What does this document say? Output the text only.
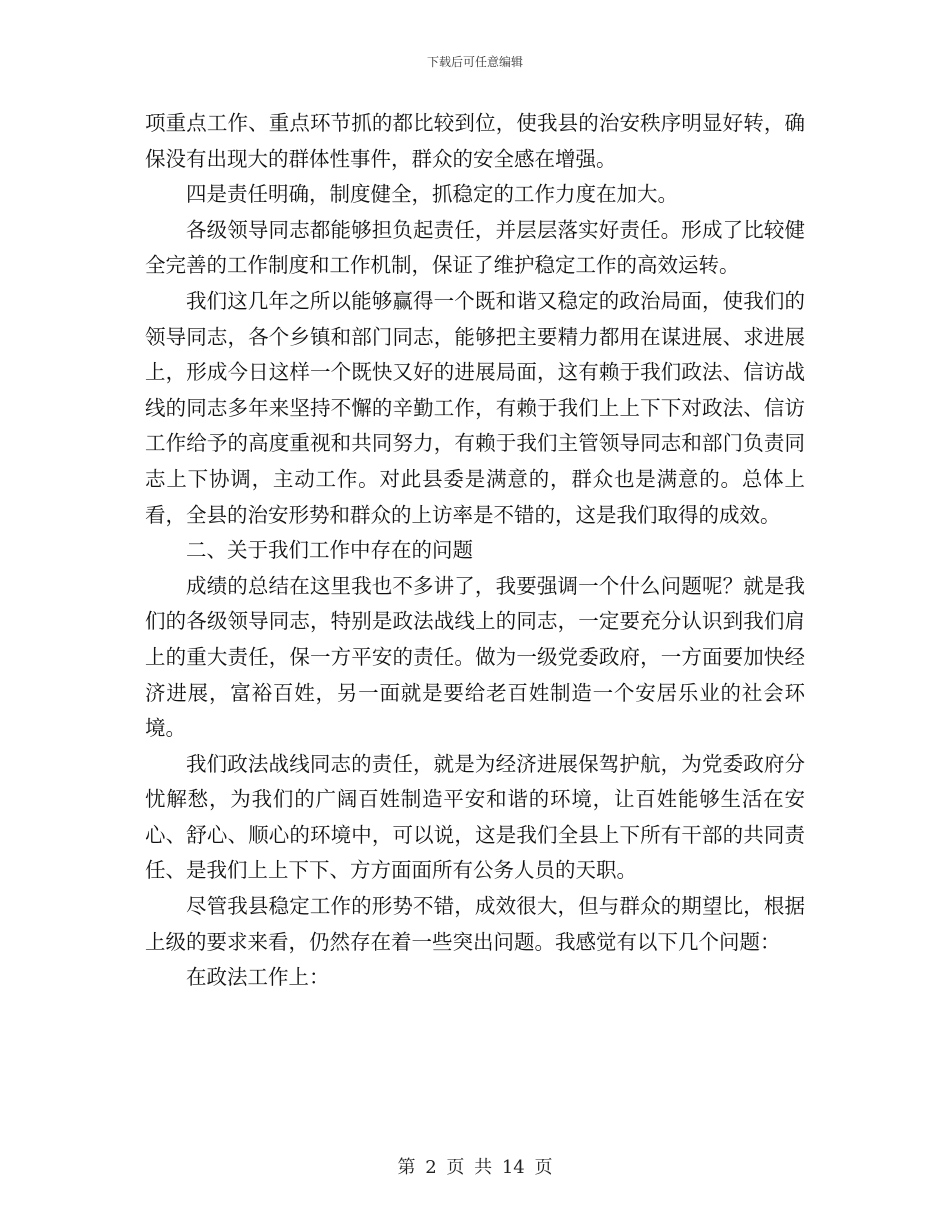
下载后可任意编辑

项重点工作、重点环节抓的都比较到位，使我县的治安秩序明显好转，确保没有出现大的群体性事件，群众的安全感在增强。

四是责任明确，制度健全，抓稳定的工作力度在加大。

各级领导同志都能够担负起责任，并层层落实好责任。形成了比较健全完善的工作制度和工作机制，保证了维护稳定工作的高效运转。

我们这几年之所以能够赢得一个既和谐又稳定的政治局面，使我们的领导同志，各个乡镇和部门同志，能够把主要精力都用在谋进展、求进展上，形成今日这样一个既快又好的进展局面，这有赖于我们政法、信访战线的同志多年来坚持不懈的辛勤工作，有赖于我们上上下下对政法、信访工作给予的高度重视和共同努力，有赖于我们主管领导同志和部门负责同志上下协调，主动工作。对此县委是满意的，群众也是满意的。总体上看，全县的治安形势和群众的上访率是不错的，这是我们取得的成效。

二、关于我们工作中存在的问题

成绩的总结在这里我也不多讲了，我要强调一个什么问题呢？就是我们的各级领导同志，特别是政法战线上的同志，一定要充分认识到我们肩上的重大责任，保一方平安的责任。做为一级党委政府，一方面要加快经济进展，富裕百姓，另一面就是要给老百姓制造一个安居乐业的社会环境。

我们政法战线同志的责任，就是为经济进展保驾护航，为党委政府分忧解愁，为我们的广阔百姓制造平安和谐的环境，让百姓能够生活在安心、舒心、顺心的环境中，可以说，这是我们全县上下所有干部的共同责任、是我们上上下下、方方面面所有公务人员的天职。

尽管我县稳定工作的形势不错，成效很大，但与群众的期望比，根据上级的要求来看，仍然存在着一些突出问题。我感觉有以下几个问题：

在政法工作上：

第 2 页 共 14 页
